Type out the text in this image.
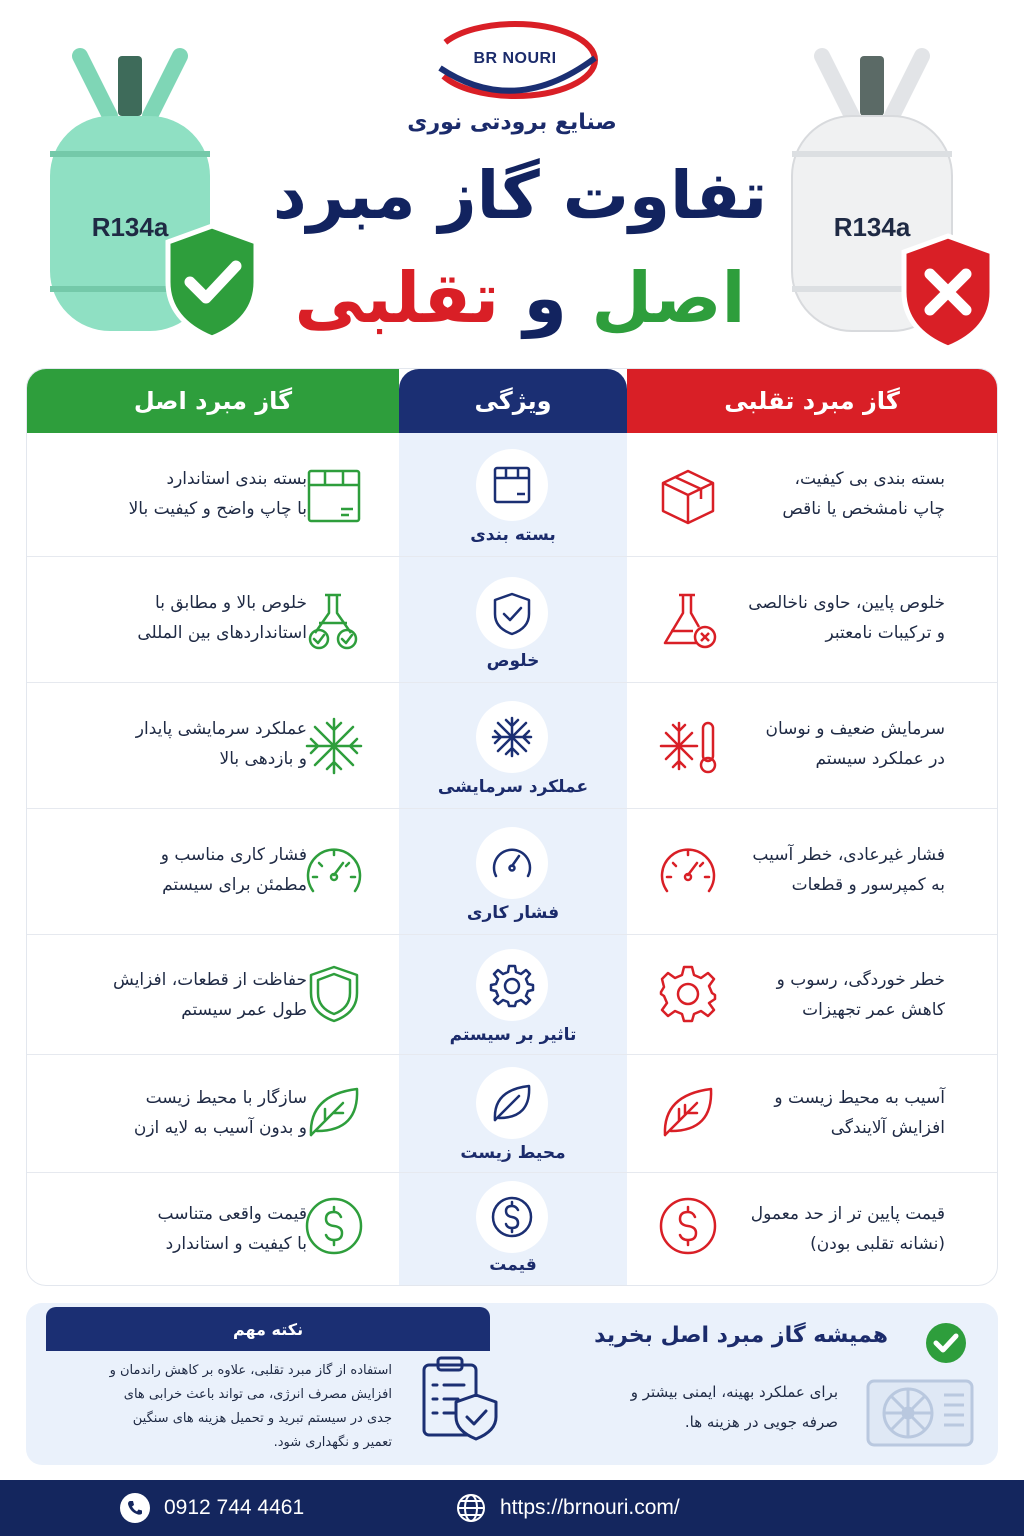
BR NOURI
صنایع برودتی نوری
تفاوت گاز مبرد
اصل و تقلبی
R134a	R134a
گاز مبرد تقلبی
ویژگی
گاز مبرد اصل
بسته بندی بی کیفیت،
چاپ نامشخص یا ناقص
بسته بندی
بسته بندی استاندارد
با چاپ واضح و کیفیت بالا
خلوص پایین، حاوی ناخالصی
و ترکیبات نامعتبر
خلوص
خلوص بالا و مطابق با
استانداردهای بین المللی
سرمایش ضعیف و نوسان
در عملکرد سیستم
عملکرد سرمایشی
عملکرد سرمایشی پایدار
و بازدهی بالا
فشار غیرعادی، خطر آسیب
به کمپرسور و قطعات
فشار کاری
فشار کاری مناسب و
مطمئن برای سیستم
خطر خوردگی، رسوب و
کاهش عمر تجهیزات
تاثیر بر سیستم
حفاظت از قطعات، افزایش
طول عمر سیستم
آسیب به محیط زیست و
افزایش آلایندگی
محیط زیست
سازگار با محیط زیست
و بدون آسیب به لایه ازن
قیمت پایین تر از حد معمول
(نشانه تقلبی بودن)
قیمت
قیمت واقعی متناسب
با کیفیت و استاندارد
نکته مهم
استفاده از گاز مبرد تقلبی، علاوه بر کاهش راندمان و
افزایش مصرف انرژی، می تواند باعث خرابی های
جدی در سیستم تبرید و تحمیل هزینه های سنگین
تعمیر و نگهداری شود.
همیشه گاز مبرد اصل بخرید
برای عملکرد بهینه، ایمنی بیشتر و
صرفه جویی در هزینه ها.
0912 744 4461	https://brnouri.com/
